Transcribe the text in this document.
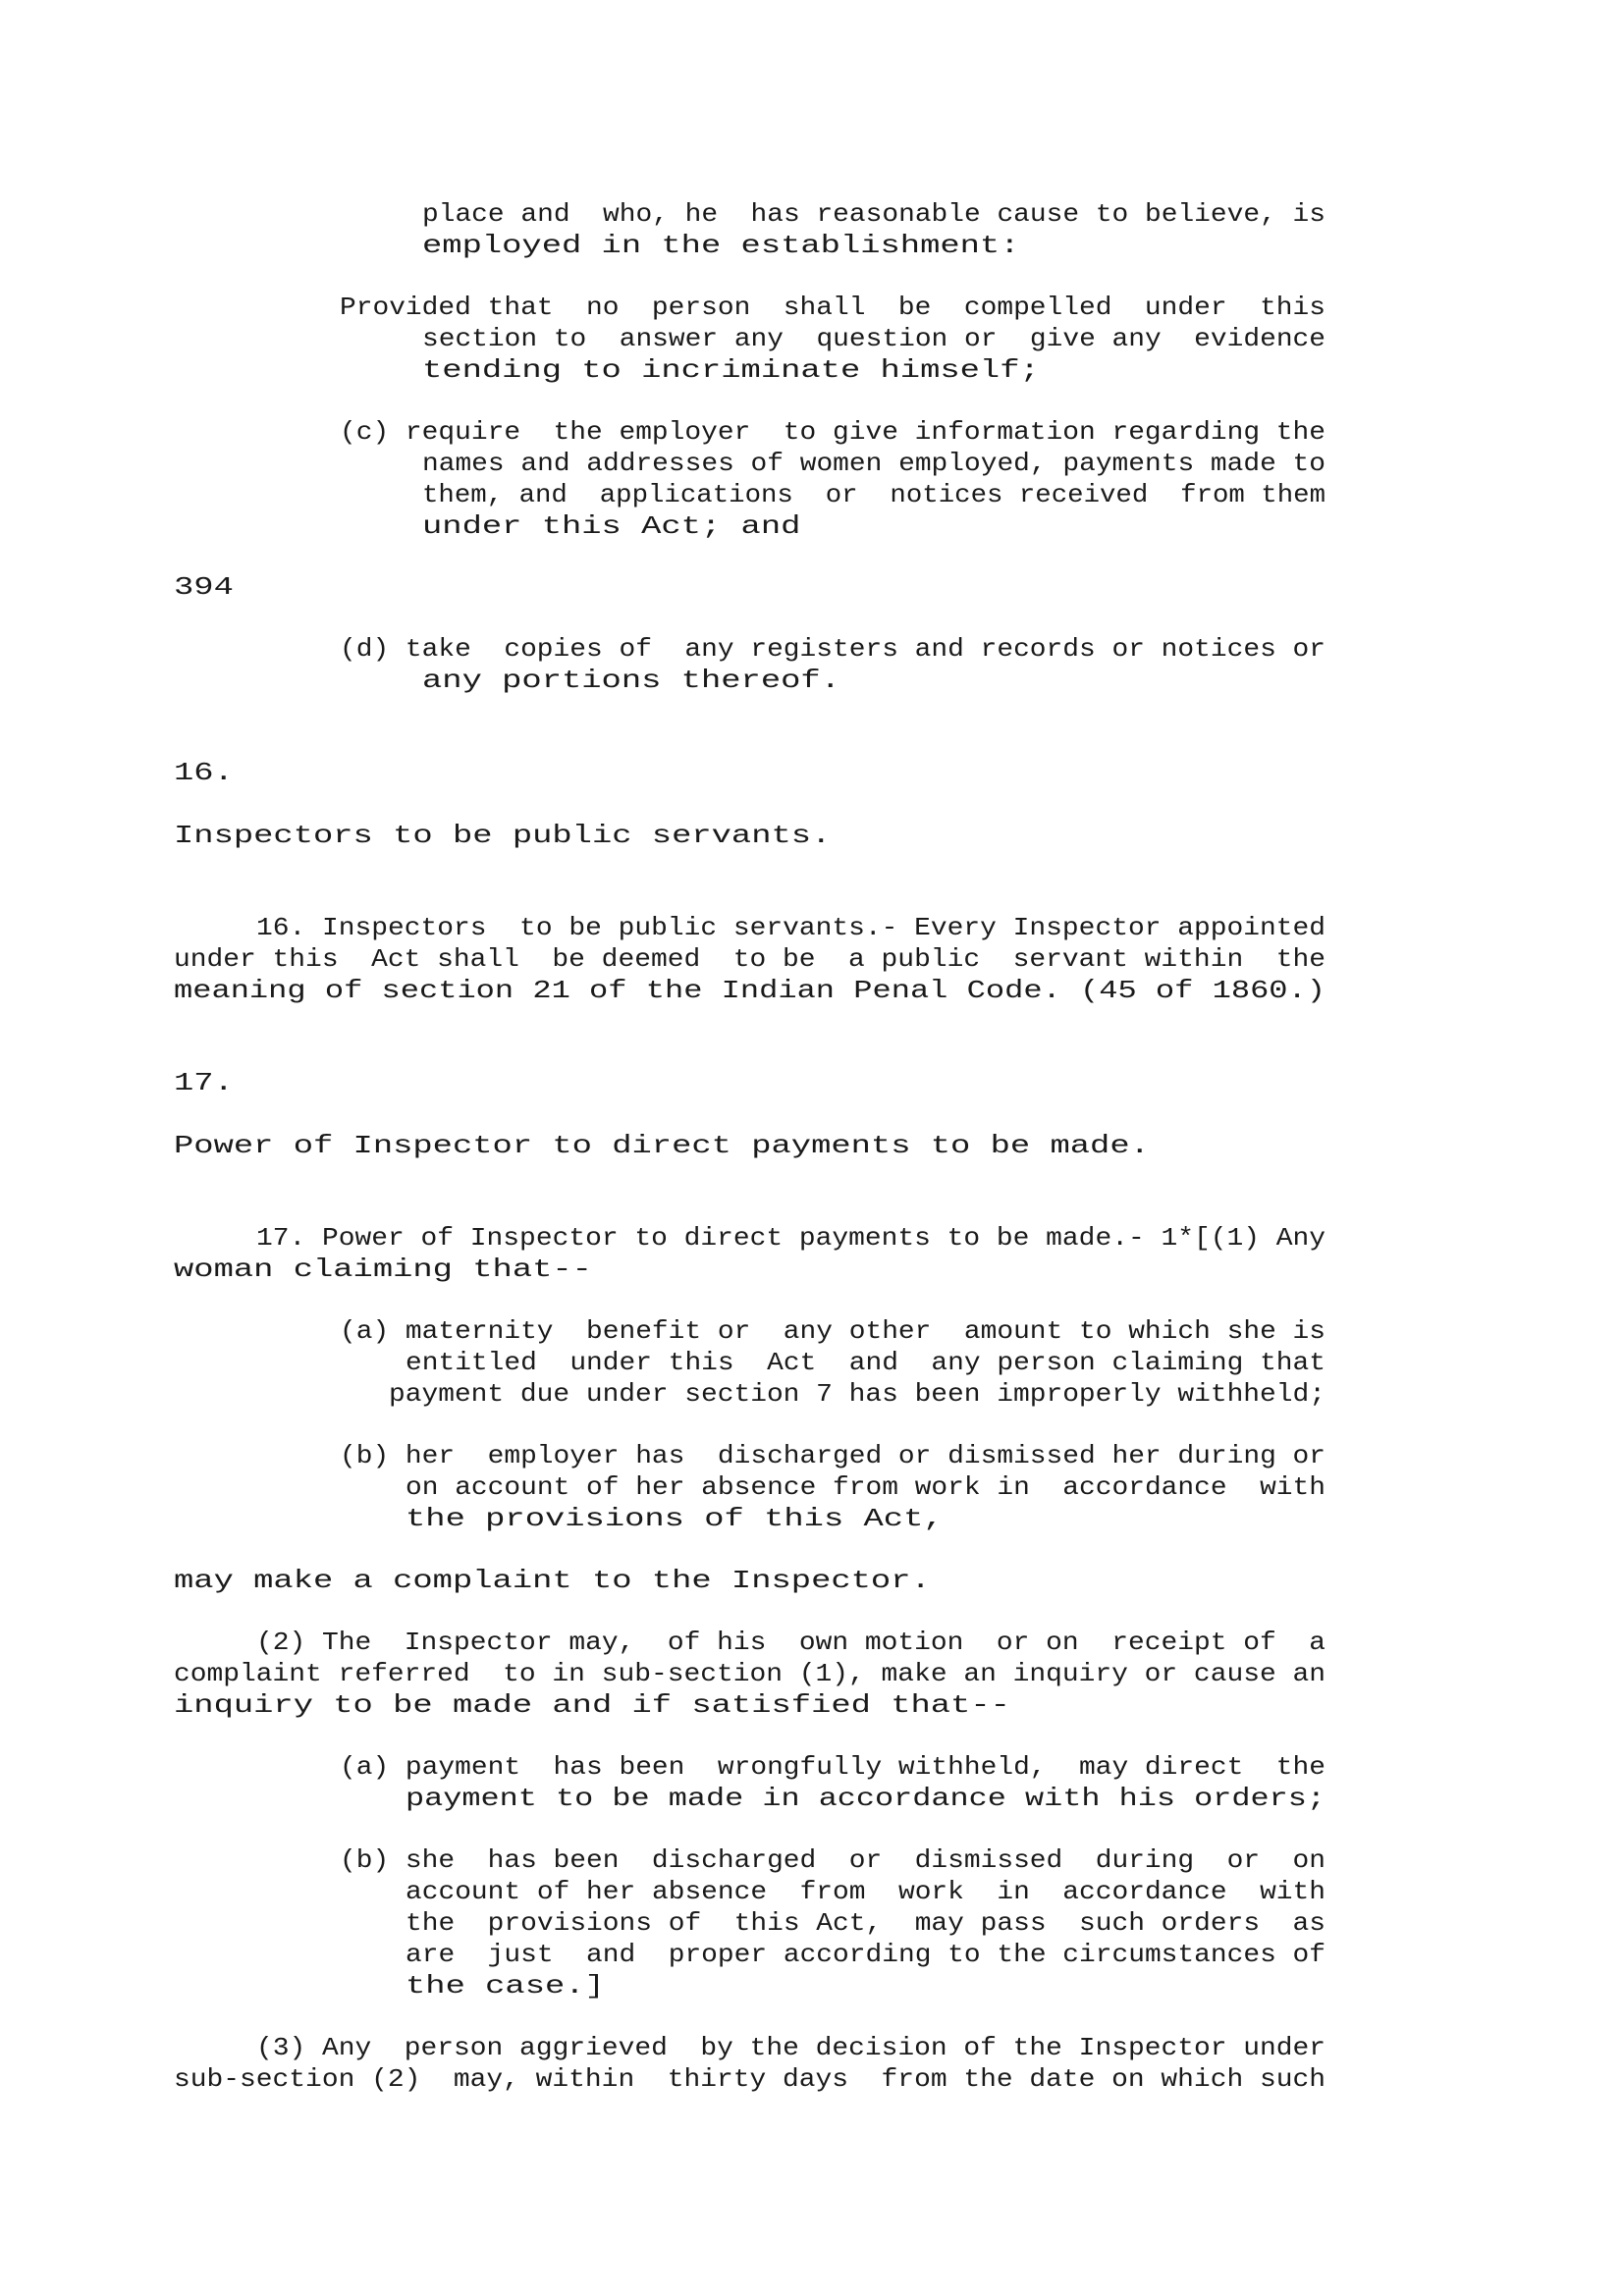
place and  who, he  has reasonable cause to believe, is

employed in the establishment:

Provided that  no  person  shall  be  compelled  under  this

section to  answer any  question or  give any  evidence

tending to incriminate himself;

(c) require  the employer  to give information regarding the

names and addresses of women employed, payments made to

them, and  applications  or  notices received  from them

under this Act; and

394

(d) take  copies of  any registers and records or notices or

any portions thereof.

16.

Inspectors to be public servants.

16. Inspectors  to be public servants.- Every Inspector appointed

under this  Act shall  be deemed  to be  a public  servant within  the

meaning of section 21 of the Indian Penal Code. (45 of 1860.)

17.

Power of Inspector to direct payments to be made.

17. Power of Inspector to direct payments to be made.- 1*[(1) Any

woman claiming that--

(a) maternity  benefit or  any other  amount to which she is

entitled  under this  Act  and  any person claiming that

payment due under section 7 has been improperly withheld;

(b) her  employer has  discharged or dismissed her during or

on account of her absence from work in  accordance  with

the provisions of this Act,

may make a complaint to the Inspector.

(2) The  Inspector may,  of his  own motion  or on  receipt of  a

complaint referred  to in sub-section (1), make an inquiry or cause an

inquiry to be made and if satisfied that--

(a) payment  has been  wrongfully withheld,  may direct  the

payment to be made in accordance with his orders;

(b) she  has been  discharged  or  dismissed  during  or  on

account of her absence  from  work  in  accordance  with

the  provisions of  this Act,  may pass  such orders  as

are  just  and  proper according to the circumstances of

the case.]

(3) Any  person aggrieved  by the decision of the Inspector under

sub-section (2)  may, within  thirty days  from the date on which such
